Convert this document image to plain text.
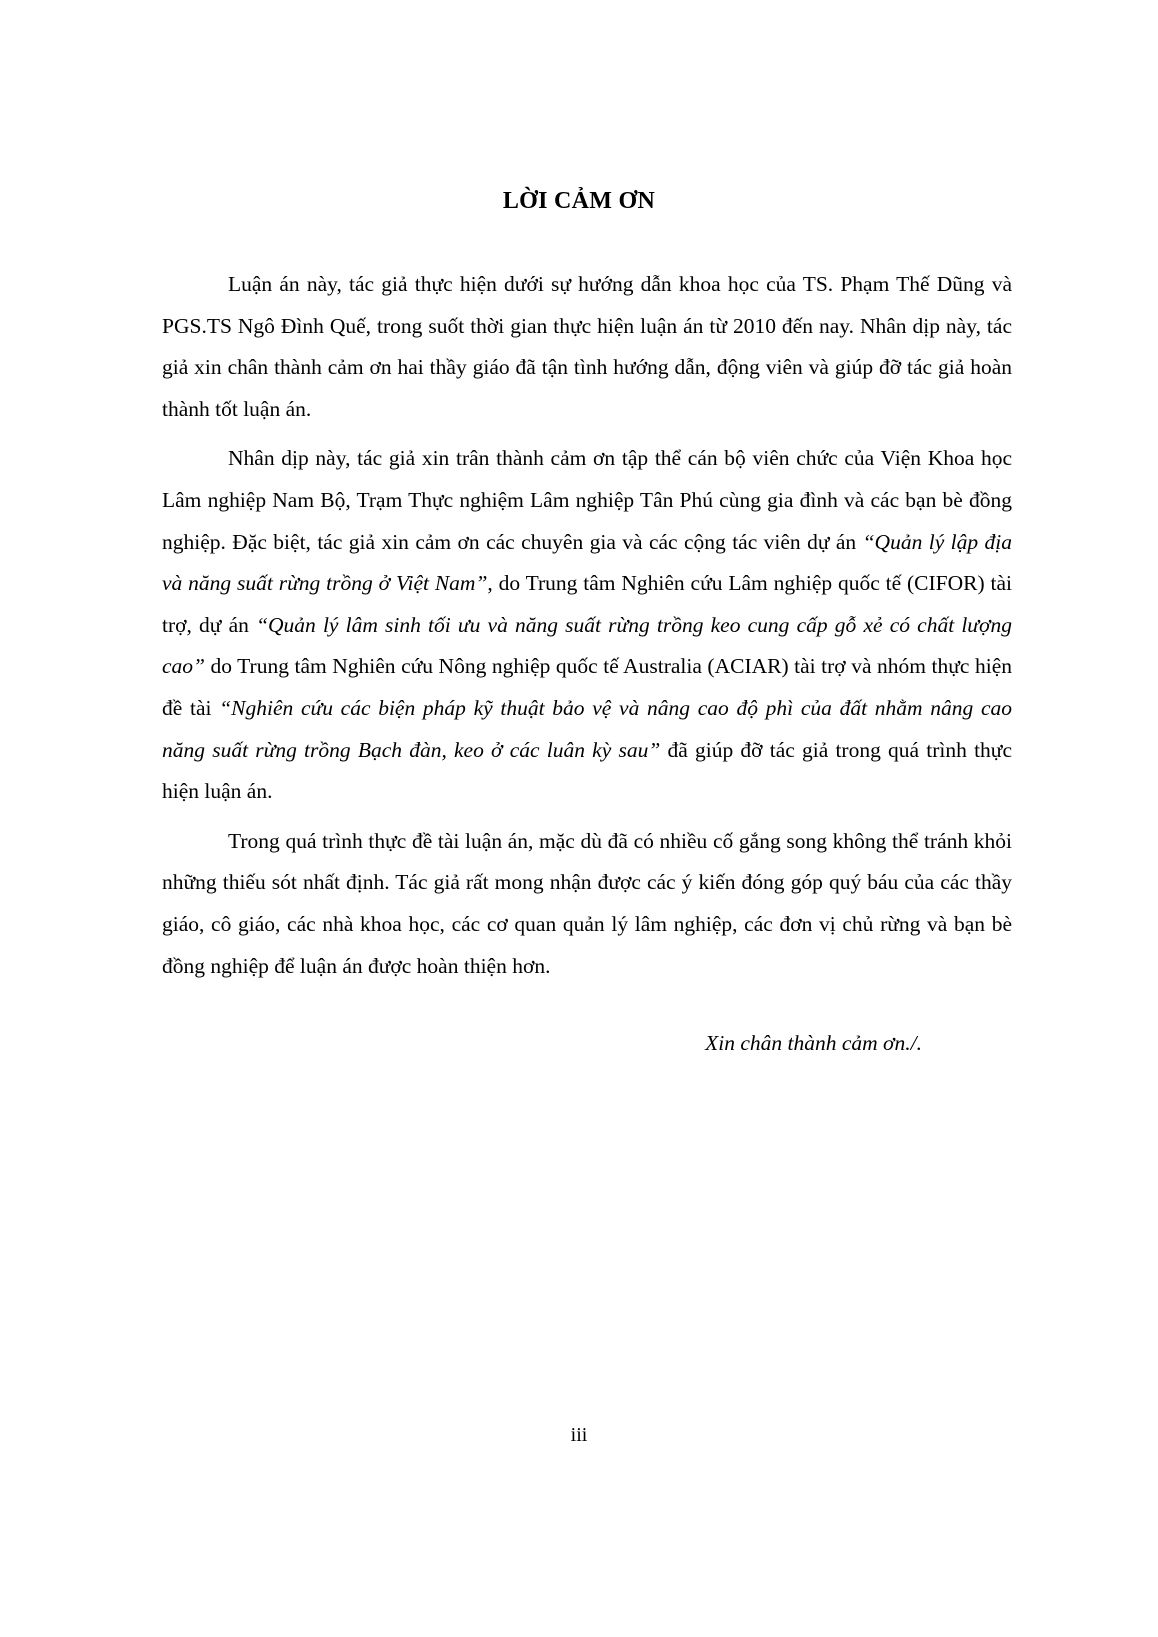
LỜI CẢM ƠN

Luận án này, tác giả thực hiện dưới sự hướng dẫn khoa học của TS. Phạm Thế Dũng và PGS.TS Ngô Đình Quế, trong suốt thời gian thực hiện luận án từ 2010 đến nay. Nhân dịp này, tác giả xin chân thành cảm ơn hai thầy giáo đã tận tình hướng dẫn, động viên và giúp đỡ tác giả hoàn thành tốt luận án.

Nhân dịp này, tác giả xin trân thành cảm ơn tập thể cán bộ viên chức của Viện Khoa học Lâm nghiệp Nam Bộ, Trạm Thực nghiệm Lâm nghiệp Tân Phú cùng gia đình và các bạn bè đồng nghiệp. Đặc biệt, tác giả xin cảm ơn các chuyên gia và các cộng tác viên dự án “Quản lý lập địa và năng suất rừng trồng ở Việt Nam”, do Trung tâm Nghiên cứu Lâm nghiệp quốc tế (CIFOR) tài trợ, dự án “Quản lý lâm sinh tối ưu và năng suất rừng trồng keo cung cấp gỗ xẻ có chất lượng cao” do Trung tâm Nghiên cứu Nông nghiệp quốc tế Australia (ACIAR) tài trợ và nhóm thực hiện đề tài “Nghiên cứu các biện pháp kỹ thuật bảo vệ và nâng cao độ phì của đất nhằm nâng cao năng suất rừng trồng Bạch đàn, keo ở các luân kỳ sau” đã giúp đỡ tác giả trong quá trình thực hiện luận án.

Trong quá trình thực đề tài luận án, mặc dù đã có nhiều cố gắng song không thể tránh khỏi những thiếu sót nhất định. Tác giả rất mong nhận được các ý kiến đóng góp quý báu của các thầy giáo, cô giáo, các nhà khoa học, các cơ quan quản lý lâm nghiệp, các đơn vị chủ rừng và bạn bè đồng nghiệp để luận án được hoàn thiện hơn.

Xin chân thành cảm ơn./.

iii
